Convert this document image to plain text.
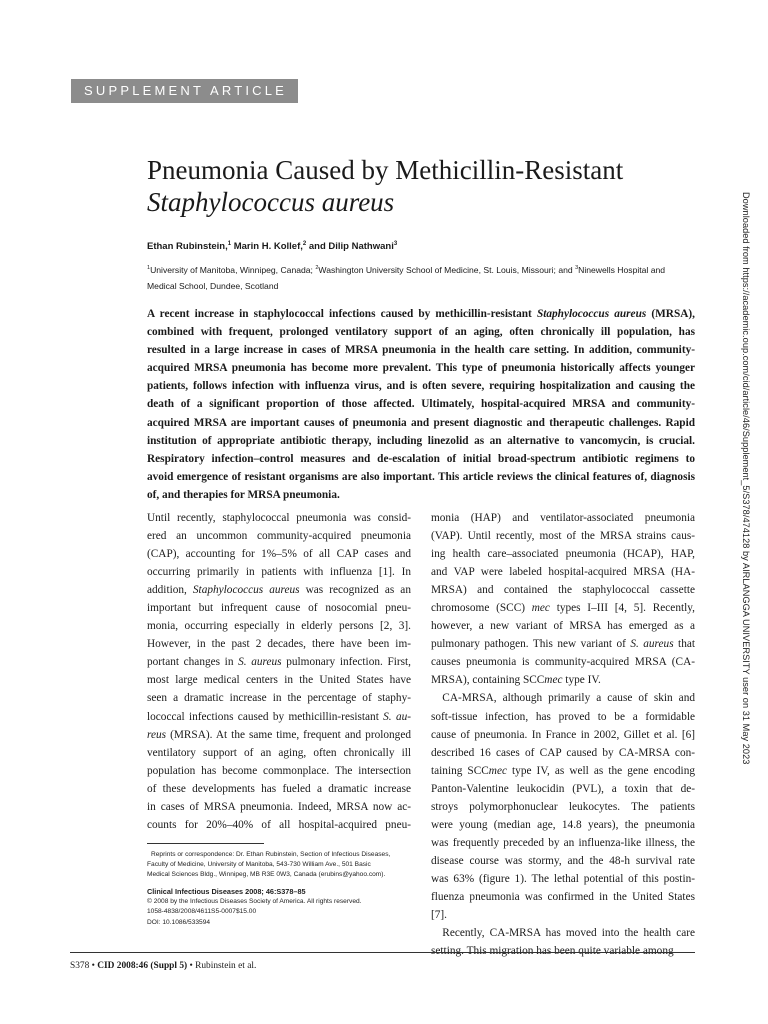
SUPPLEMENT ARTICLE
Pneumonia Caused by Methicillin-Resistant
Staphylococcus aureus
Ethan Rubinstein,$^1$ Marin H. Kollef,$^2$ and Dilip Nathwani$^3$
$^1$University of Manitoba, Winnipeg, Canada; $^2$Washington University School of Medicine, St. Louis, Missouri; and $^3$Ninewells Hospital and
Medical School, Dundee, Scotland
A recent increase in staphylococcal infections caused by methicillin-resistant Staphylococcus aureus (MRSA),
combined with frequent, prolonged ventilatory support of an aging, often chronically ill population, has
resulted in a large increase in cases of MRSA pneumonia in the health care setting. In addition, community-
acquired MRSA pneumonia has become more prevalent. This type of pneumonia historically affects younger
patients, follows infection with influenza virus, and is often severe, requiring hospitalization and causing the
death of a significant proportion of those affected. Ultimately, hospital-acquired MRSA and community-
acquired MRSA are important causes of pneumonia and present diagnostic and therapeutic challenges. Rapid
institution of appropriate antibiotic therapy, including linezolid as an alternative to vancomycin, is crucial.
Respiratory infection–control measures and de-escalation of initial broad-spectrum antibiotic regimens to
avoid emergence of resistant organisms are also important. This article reviews the clinical features of, diagnosis
of, and therapies for MRSA pneumonia.
Until recently, staphylococcal pneumonia was consid-
ered an uncommon community-acquired pneumonia
(CAP), accounting for 1%–5% of all CAP cases and
occurring primarily in patients with influenza [1]. In
addition, Staphylococcus aureus was recognized as an
important but infrequent cause of nosocomial pneu-
monia, occurring especially in elderly persons [2, 3].
However, in the past 2 decades, there have been im-
portant changes in S. aureus pulmonary infection. First,
most large medical centers in the United States have
seen a dramatic increase in the percentage of staphy-
lococcal infections caused by methicillin-resistant S. au-
reus (MRSA). At the same time, frequent and prolonged
ventilatory support of an aging, often chronically ill
population has become commonplace. The intersection
of these developments has fueled a dramatic increase
in cases of MRSA pneumonia. Indeed, MRSA now ac-
counts for 20%–40% of all hospital-acquired pneu-
monia (HAP) and ventilator-associated pneumonia
(VAP). Until recently, most of the MRSA strains caus-
ing health care–associated pneumonia (HCAP), HAP,
and VAP were labeled hospital-acquired MRSA (HA-
MRSA) and contained the staphylococcal cassette
chromosome (SCC) mec types I–III [4, 5]. Recently,
however, a new variant of MRSA has emerged as a
pulmonary pathogen. This new variant of S. aureus that
causes pneumonia is community-acquired MRSA (CA-
MRSA), containing SCCmec type IV.
 CA-MRSA, although primarily a cause of skin and
soft-tissue infection, has proved to be a formidable
cause of pneumonia. In France in 2002, Gillet et al. [6]
described 16 cases of CAP caused by CA-MRSA con-
taining SCCmec type IV, as well as the gene encoding
Panton-Valentine leukocidin (PVL), a toxin that de-
stroys polymorphonuclear leukocytes. The patients
were young (median age, 14.8 years), the pneumonia
was frequently preceded by an influenza-like illness, the
disease course was stormy, and the 48-h survival rate
was 63% (figure 1). The lethal potential of this postin-
fluenza pneumonia was confirmed in the United States
[7].
 Recently, CA-MRSA has moved into the health care
setting. This migration has been quite variable among
Reprints or correspondence: Dr. Ethan Rubinstein, Section of Infectious Diseases,
Faculty of Medicine, University of Manitoba, 543-730 William Ave., 501 Basic
Medical Sciences Bldg., Winnipeg, MB R3E 0W3, Canada (erubins@yahoo.com).
Clinical Infectious Diseases 2008; 46:S378–85
© 2008 by the Infectious Diseases Society of America. All rights reserved.
1058-4838/2008/4611S5-0007$15.00
DOI: 10.1086/533594
S378 • CID 2008:46 (Suppl 5) • Rubinstein et al.
Downloaded from https://academic.oup.com/cid/article/46/Supplement_5/S378/474128 by AIRLANGGA UNIVERSITY user on 31 May 2023
